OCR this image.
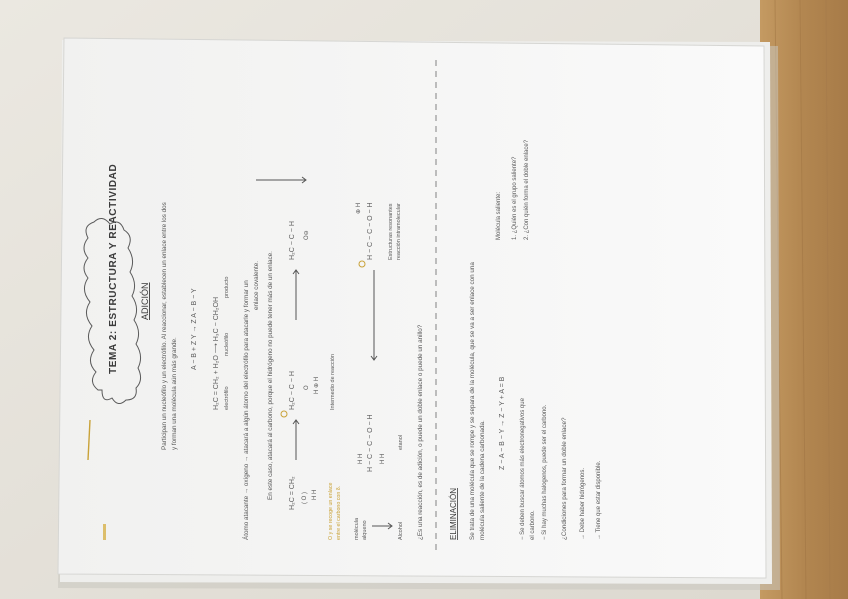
TEMA 2: ESTRUCTURA Y REACTIVIDAD ADICIÓN Participan un nucleófilo y un electrófilo. Al reaccionar, establecen un enlace entre los dos y forman una molécula aún más grande.
A − B + Z Y → Z A − B − Y H₂C = CH₂ + H₂O ⟶ H₃C − CH₂OH electrófilo
nucleófilo
producto	Átomo atacante → oxígeno → atacará a algún átomo del electrófilo para atacarle y formar un enlace covalente. En este caso, atacará al carbono, porque el hidrógeno no puede tener más de un enlace. H₂C = CH₂ ( O ) H H
H₂C − C − H O H ⊕ H
H₂C − C − H O⊖
O y se recoge un enlace entre el carbono con δ.
Intermedio de reacción
molécula alqueno
H − C − C − O − H
H H	H H
Alcohol
etanol
H − C − C − O − H
⊕ H	Estructuras resonantes reacción intramolecular
¿Es una reacción, es de adición, o puede un doble enlace o puede un anillo?	ELIMINACIÓN Se trata de una molécula que se rompe y se separa de la molécula, que se va a ser enlace con una molécula saliente de la cadena carbonada. Z − A − B − Y → Z − Y + A = B
Molécula saliente: 1. ¿Quién es el grupo saliente? 2. ¿Con quién forma el doble enlace?
− Se deben buscar átomos más electronegativos que el carbono. − Si hay muchas halogenos, puede ser el carbono. ¿Condiciones para formar un doble enlace? → Debe haber hidrógenos. → Tiene que estar disponible.
